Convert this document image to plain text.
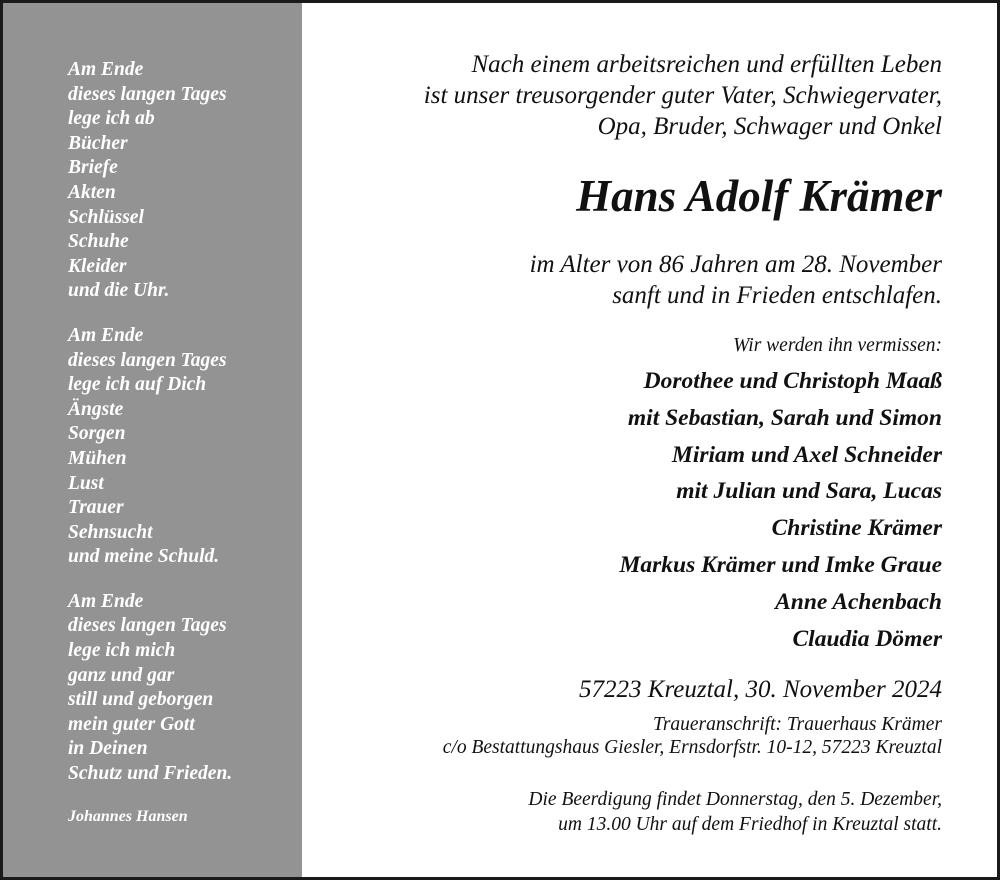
Am Ende
dieses langen Tages
lege ich ab
Bücher
Briefe
Akten
Schlüssel
Schuhe
Kleider
und die Uhr.
Am Ende
dieses langen Tages
lege ich auf Dich
Ängste
Sorgen
Mühen
Lust
Trauer
Sehnsucht
und meine Schuld.
Am Ende
dieses langen Tages
lege ich mich
ganz und gar
still und geborgen
mein guter Gott
in Deinen
Schutz und Frieden.
Johannes Hansen
Nach einem arbeitsreichen und erfüllten Leben
ist unser treusorgender guter Vater, Schwiegervater,
Opa, Bruder, Schwager und Onkel
Hans Adolf Krämer
im Alter von 86 Jahren am 28. November
sanft und in Frieden entschlafen.
Wir werden ihn vermissen:
Dorothee und Christoph Maaß
mit Sebastian, Sarah und Simon
Miriam und Axel Schneider
mit Julian und Sara, Lucas
Christine Krämer
Markus Krämer und Imke Graue
Anne Achenbach
Claudia Dömer
57223 Kreuztal, 30. November 2024
Traueranschrift: Trauerhaus Krämer
c/o Bestattungshaus Giesler, Ernsdorfstr. 10-12, 57223 Kreuztal
Die Beerdigung findet Donnerstag, den 5. Dezember,
um 13.00 Uhr auf dem Friedhof in Kreuztal statt.
